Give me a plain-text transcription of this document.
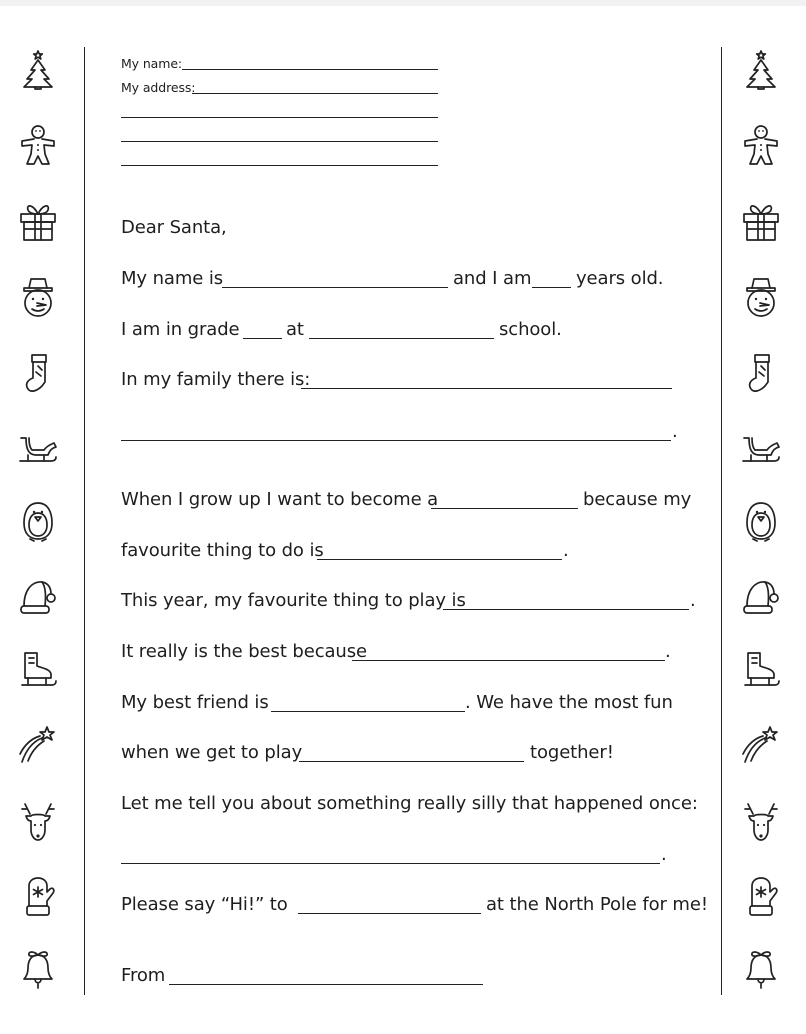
My name:
My address:
Dear Santa,
My name is	and I am years old.
I am in grade	at	school.
In my family there is:
.
When I grow up I want to become a	because my
favourite thing to do is	.
This year, my favourite thing to play is	.
It really is the best because	.
My best friend is	. We have the most fun
when we get to play	together!
Let me tell you about something really silly that happened once:
.
Please say “Hi!” to	at the North Pole for me!
From
